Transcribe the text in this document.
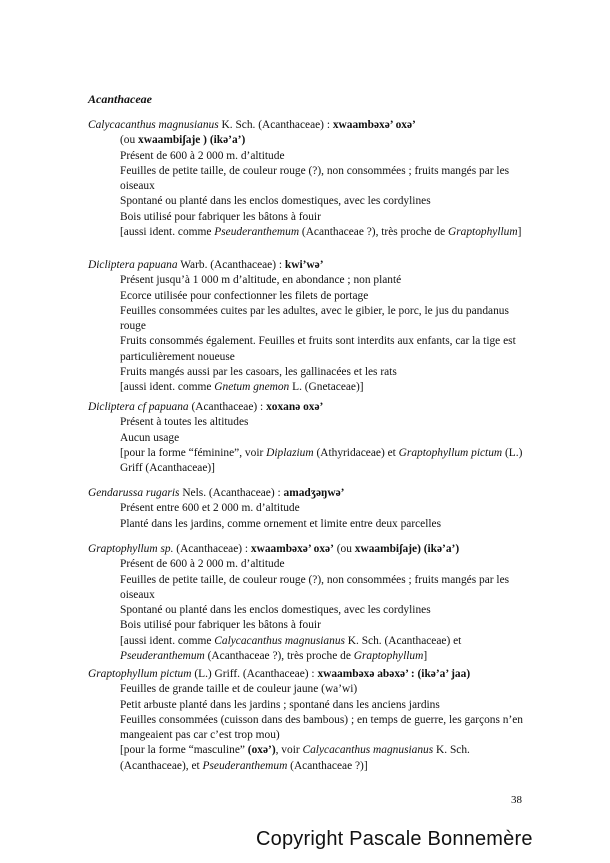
Acanthaceae

Calycacanthus magnusianus K. Sch. (Acanthaceae) : xwaambəxə’ oxə’

(ou xwaambiʃaje ) (ikə’a’)

Présent de 600 à 2 000 m. d’altitude

Feuilles de petite taille, de couleur rouge (?), non consommées ; fruits mangés par les oiseaux

Spontané ou planté dans les enclos domestiques, avec les cordylines

Bois utilisé pour fabriquer les bâtons à fouir

[aussi ident. comme Pseuderanthemum (Acanthaceae ?), très proche de Graptophyllum]

Dicliptera papuana Warb. (Acanthaceae) : kwi’wə’

Présent jusqu’à 1 000 m d’altitude, en abondance ; non planté

Ecorce utilisée pour confectionner les filets de portage

Feuilles consommées cuites par les adultes, avec le gibier, le porc, le jus du pandanus rouge

Fruits consommés également. Feuilles et fruits sont interdits aux enfants, car la tige est particulièrement noueuse

Fruits mangés aussi par les casoars, les gallinacées et les rats

[aussi ident. comme Gnetum gnemon L. (Gnetaceae)]

Dicliptera cf papuana (Acanthaceae) : xoxanə oxə’

Présent à toutes les altitudes

Aucun usage

[pour la forme “féminine”, voir Diplazium (Athyridaceae) et Graptophyllum pictum (L.) Griff (Acanthaceae)]

Gendarussa rugaris Nels. (Acanthaceae) : amadʒəŋwə’

Présent entre 600 et 2 000 m. d’altitude

Planté dans les jardins, comme ornement et limite entre deux parcelles

Graptophyllum sp. (Acanthaceae) : xwaambəxə’ oxə’ (ou xwaambiʃaje) (ikə’a’)

Présent de 600 à 2 000 m. d’altitude

Feuilles de petite taille, de couleur rouge (?), non consommées ; fruits mangés par les oiseaux

Spontané ou planté dans les enclos domestiques, avec les cordylines

Bois utilisé pour fabriquer les bâtons à fouir

[aussi ident. comme Calycacanthus magnusianus K. Sch. (Acanthaceae) et Pseuderanthemum (Acanthaceae ?), très proche de Graptophyllum]

Graptophyllum pictum (L.) Griff. (Acanthaceae) : xwaambəxə abəxə’ : (ikə’a’ jaa)

Feuilles de grande taille et de couleur jaune (wa’wi)

Petit arbuste planté dans les jardins ; spontané dans les anciens jardins

Feuilles consommées (cuisson dans des bambous) ; en temps de guerre, les garçons n’en mangeaient pas car c’est trop mou)

[pour la forme “masculine” (oxə’), voir Calycacanthus magnusianus K. Sch. (Acanthaceae), et Pseuderanthemum (Acanthaceae ?)]

38
Copyright Pascale Bonnemère
